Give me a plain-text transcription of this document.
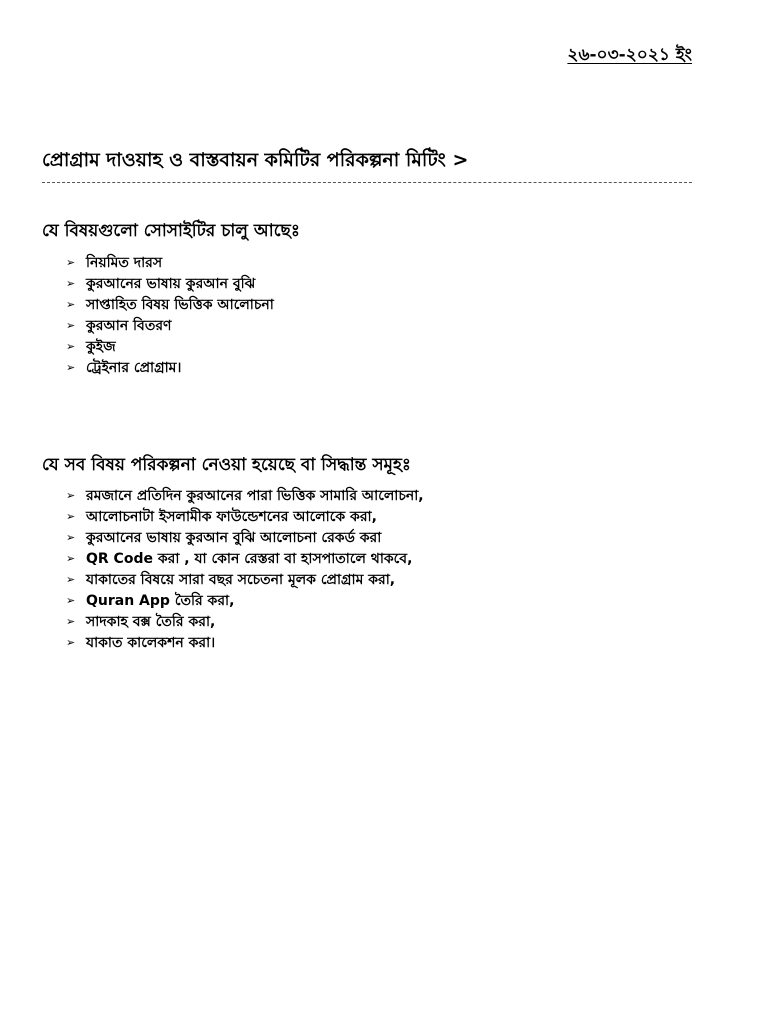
২৬-০৩-২০২১ ইং
প্রোগ্রাম দাওয়াহ ও বাস্তবায়ন কমিটির পরিকল্পনা মিটিং >
যে বিষয়গুলো সোসাইটির চালু আছেঃ
➢ নিয়মিত দারস
➢ কুরআনের ভাষায় কুরআন বুঝি
➢ সাপ্তাহিত বিষয় ভিত্তিক আলোচনা
➢ কুরআন বিতরণ
➢ কুইজ
➢ ট্রেইনার প্রোগ্রাম।
যে সব বিষয় পরিকল্পনা নেওয়া হয়েছে বা সিদ্ধান্ত সমূহঃ
➢ রমজানে প্রতিদিন কুরআনের পারা ভিত্তিক সামারি আলোচনা,
➢ আলোচনাটা ইসলামীক ফাউন্ডেশনের আলোকে করা,
➢ কুরআনের ভাষায় কুরআন বুঝি আলোচনা রেকর্ড করা
➢ QR Code করা , যা কোন রেস্তরা বা হাসপাতালে থাকবে,
➢ যাকাতের বিষয়ে সারা বছর সচেতনা মূলক প্রোগ্রাম করা,
➢ Quran App তৈরি করা,
➢ সাদকাহ বক্স তৈরি করা,
➢ যাকাত কালেকশন করা।
